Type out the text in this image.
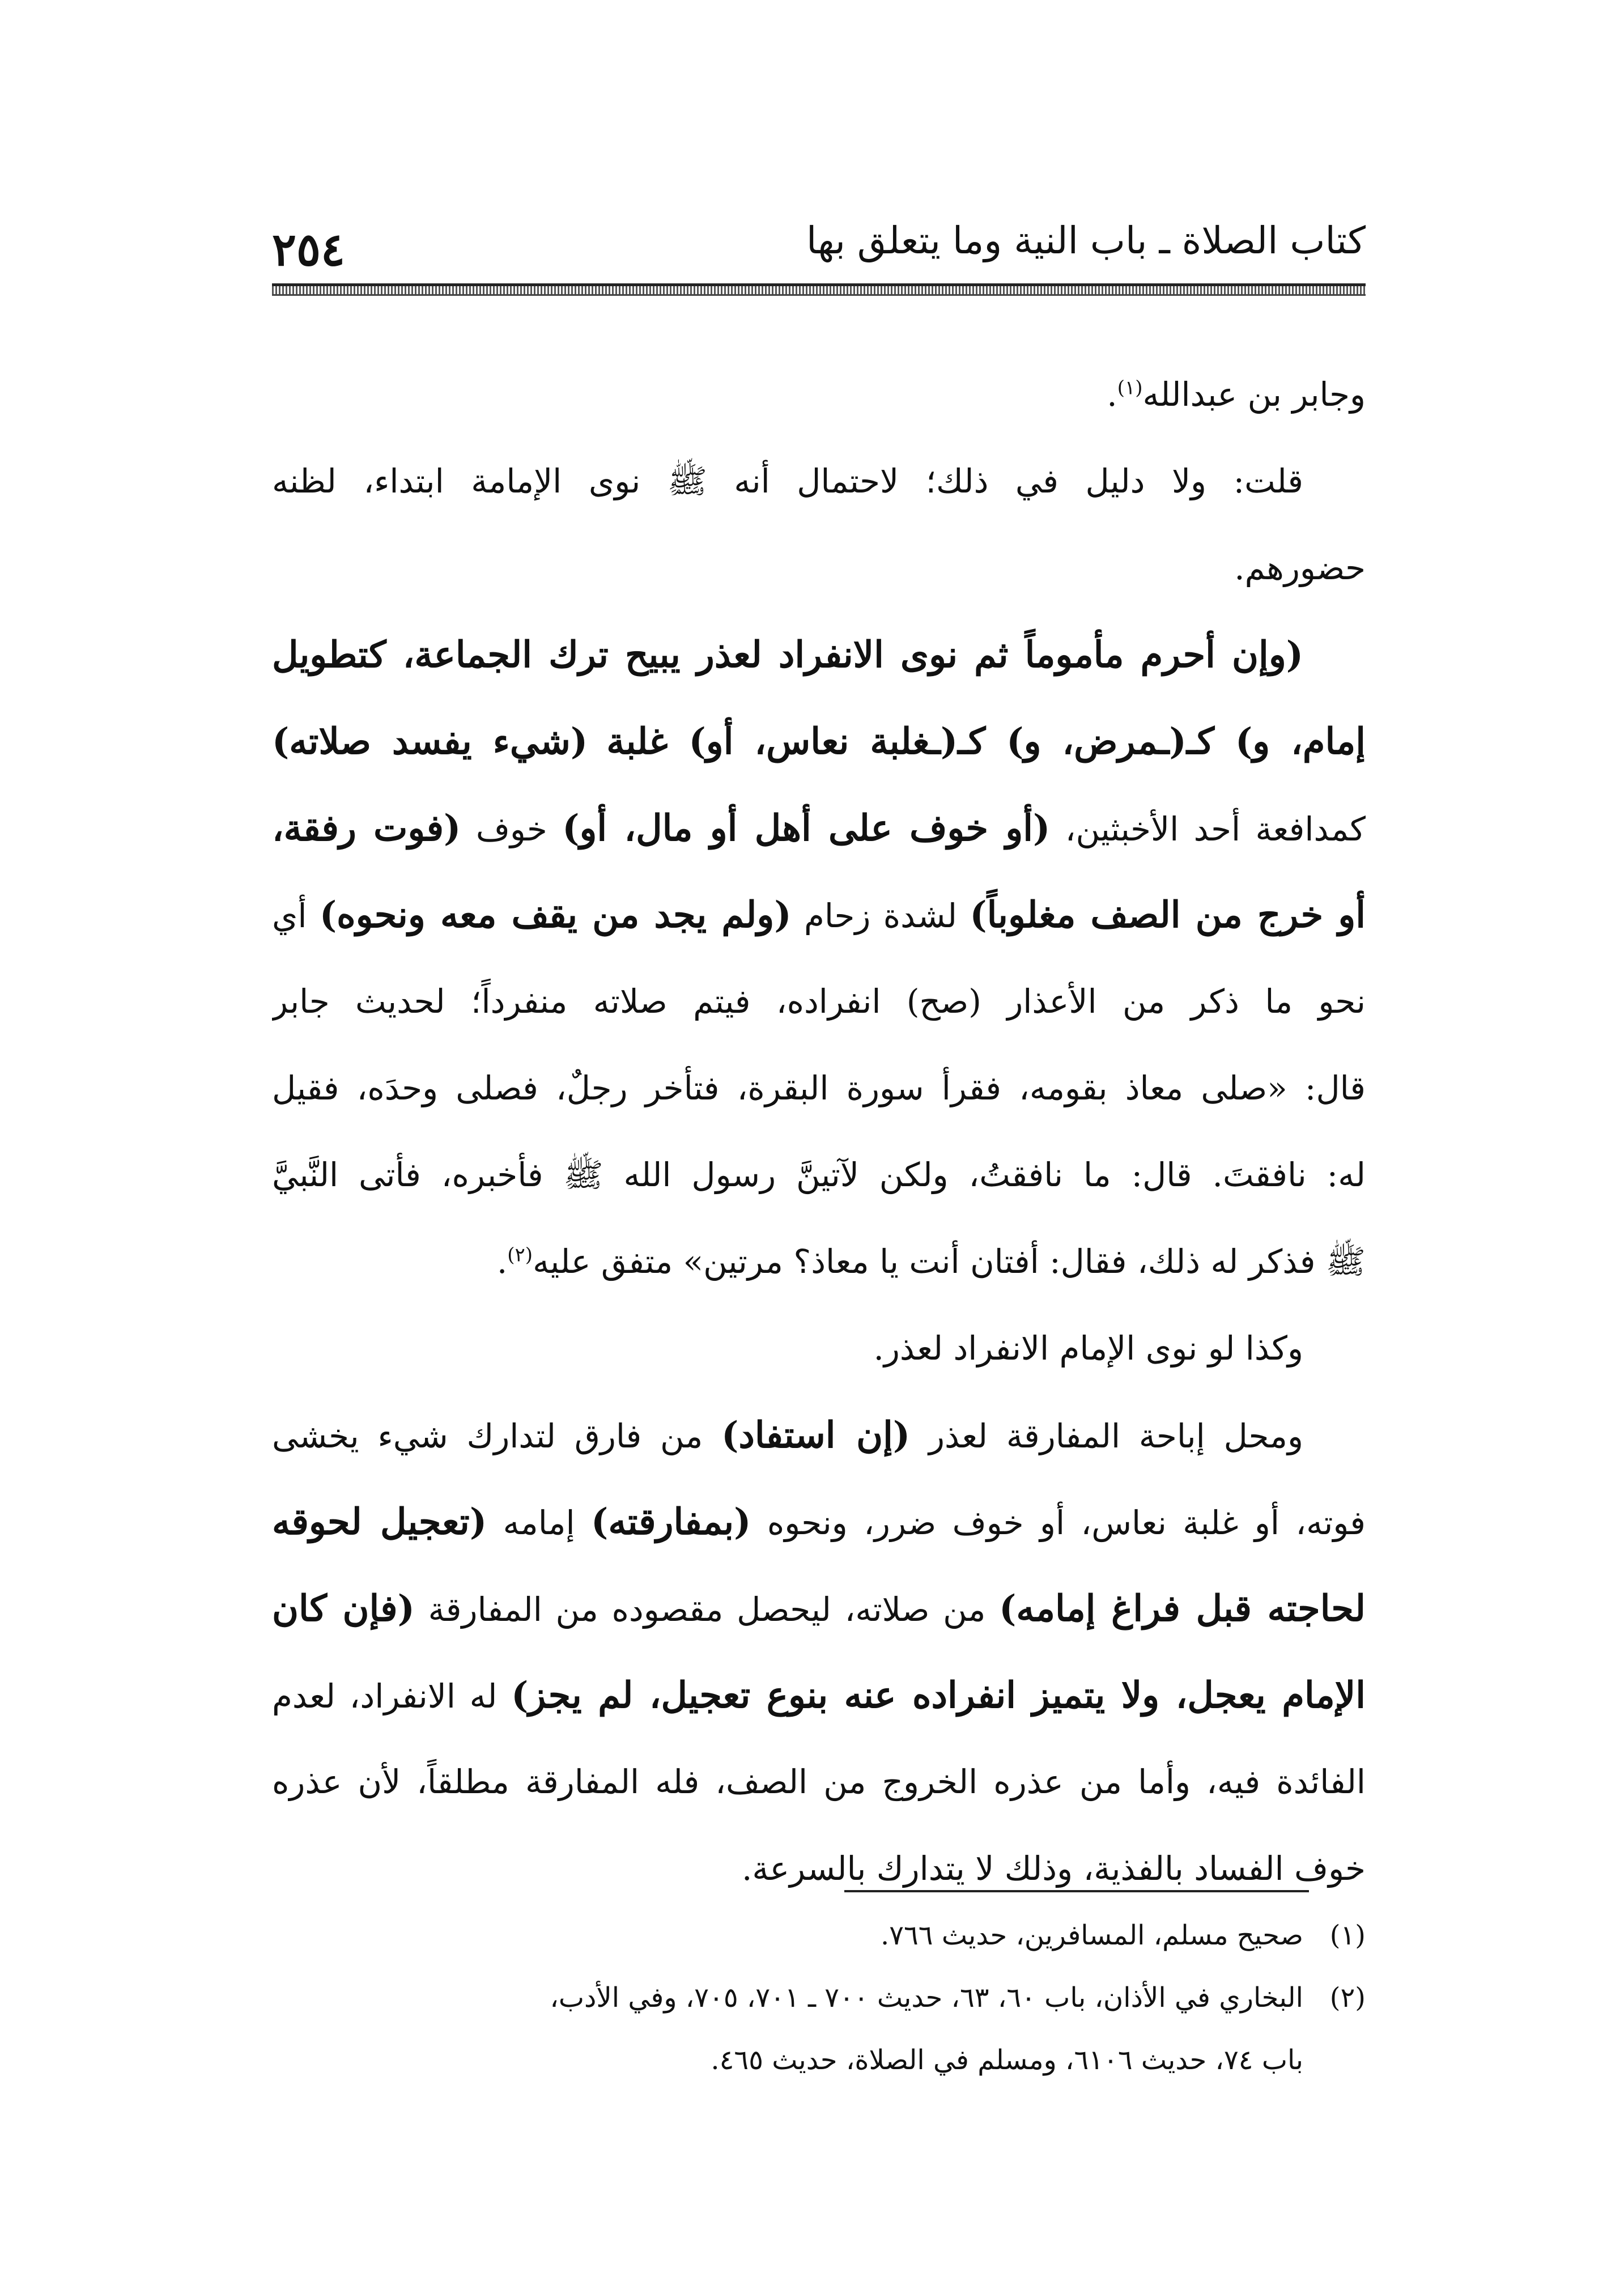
كتاب الصلاة ـ باب النية وما يتعلق بها
٢٥٤
وجابر بن عبدالله$^{(١)}$.
قلت: ولا دليل في ذلك؛ لاحتمال أنه ﷺ نوى الإمامة ابتداء، لظنه
حضورهم.
(وإن أحرم مأموماً ثم نوى الانفراد لعذر يبيح ترك الجماعة، كتطويل
إمام، و) كـ(ـمرض، و) كـ(ـغلبة نعاس، أو) غلبة (شيء يفسد صلاته)
كمدافعة أحد الأخبثين، (أو خوف على أهل أو مال، أو) خوف (فوت رفقة،
أو خرج من الصف مغلوباً) لشدة زحام (ولم يجد من يقف معه ونحوه) أي
نحو ما ذكر من الأعذار (صح) انفراده، فيتم صلاته منفرداً؛ لحديث جابر
قال: «صلى معاذ بقومه، فقرأ سورة البقرة، فتأخر رجلٌ، فصلى وحدَه، فقيل
له: نافقتَ. قال: ما نافقتُ، ولكن لآتينَّ رسول الله ﷺ فأخبره، فأتى النَّبيَّ
ﷺ فذكر له ذلك، فقال: أفتان أنت يا معاذ؟ مرتين» متفق عليه$^{(٢)}$.
وكذا لو نوى الإمام الانفراد لعذر.
ومحل إباحة المفارقة لعذر (إن استفاد) من فارق لتدارك شيء يخشى
فوته، أو غلبة نعاس، أو خوف ضرر، ونحوه (بمفارقته) إمامه (تعجيل لحوقه
لحاجته قبل فراغ إمامه) من صلاته، ليحصل مقصوده من المفارقة (فإن كان
الإمام يعجل، ولا يتميز انفراده عنه بنوع تعجيل، لم يجز) له الانفراد، لعدم
الفائدة فيه، وأما من عذره الخروج من الصف، فله المفارقة مطلقاً، لأن عذره
خوف الفساد بالفذية، وذلك لا يتدارك بالسرعة.
(١)صحيح مسلم، المسافرين، حديث ٧٦٦.
(٢)البخاري في الأذان، باب ٦٠، ٦٣، حديث ٧٠٠ ـ ٧٠١، ٧٠٥، وفي الأدب،
باب ٧٤، حديث ٦١٠٦، ومسلم في الصلاة، حديث ٤٦٥.
